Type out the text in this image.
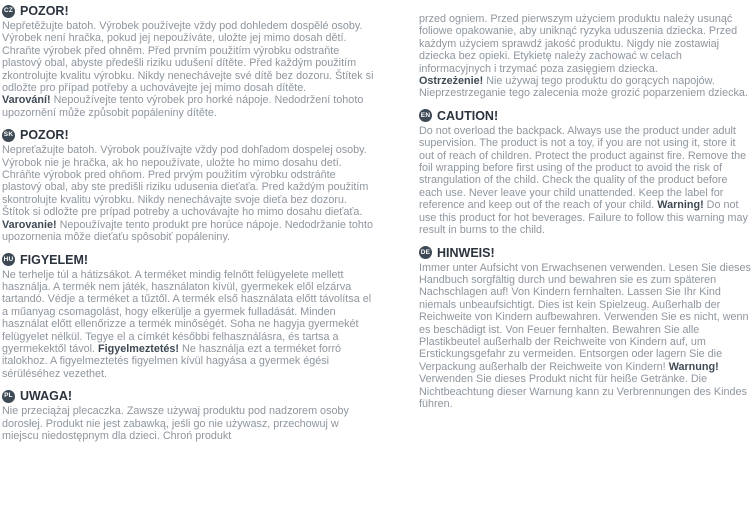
CZ POZOR!

Nepřetěžujte batoh. Výrobek používejte vždy pod dohledem dospělé osoby. Výrobek není hračka, pokud jej nepoužíváte, uložte jej mimo dosah dětí. Chraňte výrobek před ohněm. Před prvním použitím výrobku odstraňte plastový obal, abyste předešli riziku udušení dítěte. Před každým použitím zkontrolujte kvalitu výrobku. Nikdy nenechávejte své dítě bez dozoru. Štítek si odložte pro případ potřeby a uchovávejte jej mimo dosah dítěte.
Varování! Nepoužívejte tento výrobek pro horké nápoje. Nedodržení tohoto upozornění může způsobit popáleniny dítěte.

SK POZOR!

Nepreťažujte batoh. Výrobok používajte vždy pod dohľadom dospelej osoby. Výrobok nie je hračka, ak ho nepoužívate, uložte ho mimo dosahu detí. Chráňte výrobok pred ohňom. Pred prvým použitím výrobku odstráňte plastový obal, aby ste predišli riziku udusenia dieťaťa. Pred každým použitím skontrolujte kvalitu výrobku. Nikdy nenechávajte svoje dieťa bez dozoru. Štítok si odložte pre prípad potreby a uchovávajte ho mimo dosahu dieťaťa. Varovanie! Nepoužívajte tento produkt pre horúce nápoje. Nedodržanie tohto upozornenia môže dieťaťu spôsobiť popáleniny.

HU FIGYELEM!

Ne terhelje túl a hátizsákot. A terméket mindig felnőtt felügyelete mellett használja. A termék nem játék, használaton kívül, gyermekek elől elzárva tartandó. Védje a terméket a tűztől. A termék első használata előtt távolítsa el a műanyag csomagolást, hogy elkerülje a gyermek fulladását. Minden használat előtt ellenőrizze a termék minőségét. Soha ne hagyja gyermekét felügyelet nélkül. Tegye el a címkét későbbi felhasználásra, és tartsa a gyermekektől távol. Figyelmeztetés! Ne használja ezt a terméket forró italokhoz. A figyelmeztetés figyelmen kívül hagyása a gyermek égési sérüléséhez vezethet.

PL UWAGA!

Nie przeciążaj plecaczka. Zawsze używaj produktu pod nadzorem osoby dorosłej. Produkt nie jest zabawką, jeśli go nie używasz, przechowuj w miejscu niedostępnym dla dzieci. Chroń produkt

przed ogniem. Przed pierwszym użyciem produktu należy usunąć foliowe opakowanie, aby uniknąć ryzyka uduszenia dziecka. Przed każdym użyciem sprawdź jakość produktu. Nigdy nie zostawiaj dziecka bez opieki. Etykietę należy zachować w celach informacyjnych i trzymać poza zasięgiem dziecka.
Ostrzeżenie! Nie używaj tego produktu do gorących napojów. Nieprzestrzeganie tego zalecenia może grozić poparzeniem dziecka.

EN CAUTION!

Do not overload the backpack. Always use the product under adult supervision. The product is not a toy, if you are not using it, store it out of reach of children. Protect the product against fire. Remove the foil wrapping before first using of the product to avoid the risk of strangulation of the child. Check the quality of the product before each use. Never leave your child unattended. Keep the label for reference and keep out of the reach of your child. Warning! Do not use this product for hot beverages. Failure to follow this warning may result in burns to the child.

DE HINWEIS!

Immer unter Aufsicht von Erwachsenen verwenden. Lesen Sie dieses Handbuch sorgfältig durch und bewahren sie es zum späteren Nachschlagen auf! Von Kindern fernhalten. Lassen Sie Ihr Kind niemals unbeaufsichtigt. Dies ist kein Spielzeug. Außerhalb der Reichweite von Kindern aufbewahren. Verwenden Sie es nicht, wenn es beschädigt ist. Von Feuer fernhalten. Bewahren Sie alle Plastikbeutel außerhalb der Reichweite von Kindern auf, um Erstickungsgefahr zu vermeiden. Entsorgen oder lagern Sie die Verpackung außerhalb der Reichweite von Kindern! Warnung! Verwenden Sie dieses Produkt nicht für heiße Getränke. Die Nichtbeachtung dieser Warnung kann zu Verbrennungen des Kindes führen.
